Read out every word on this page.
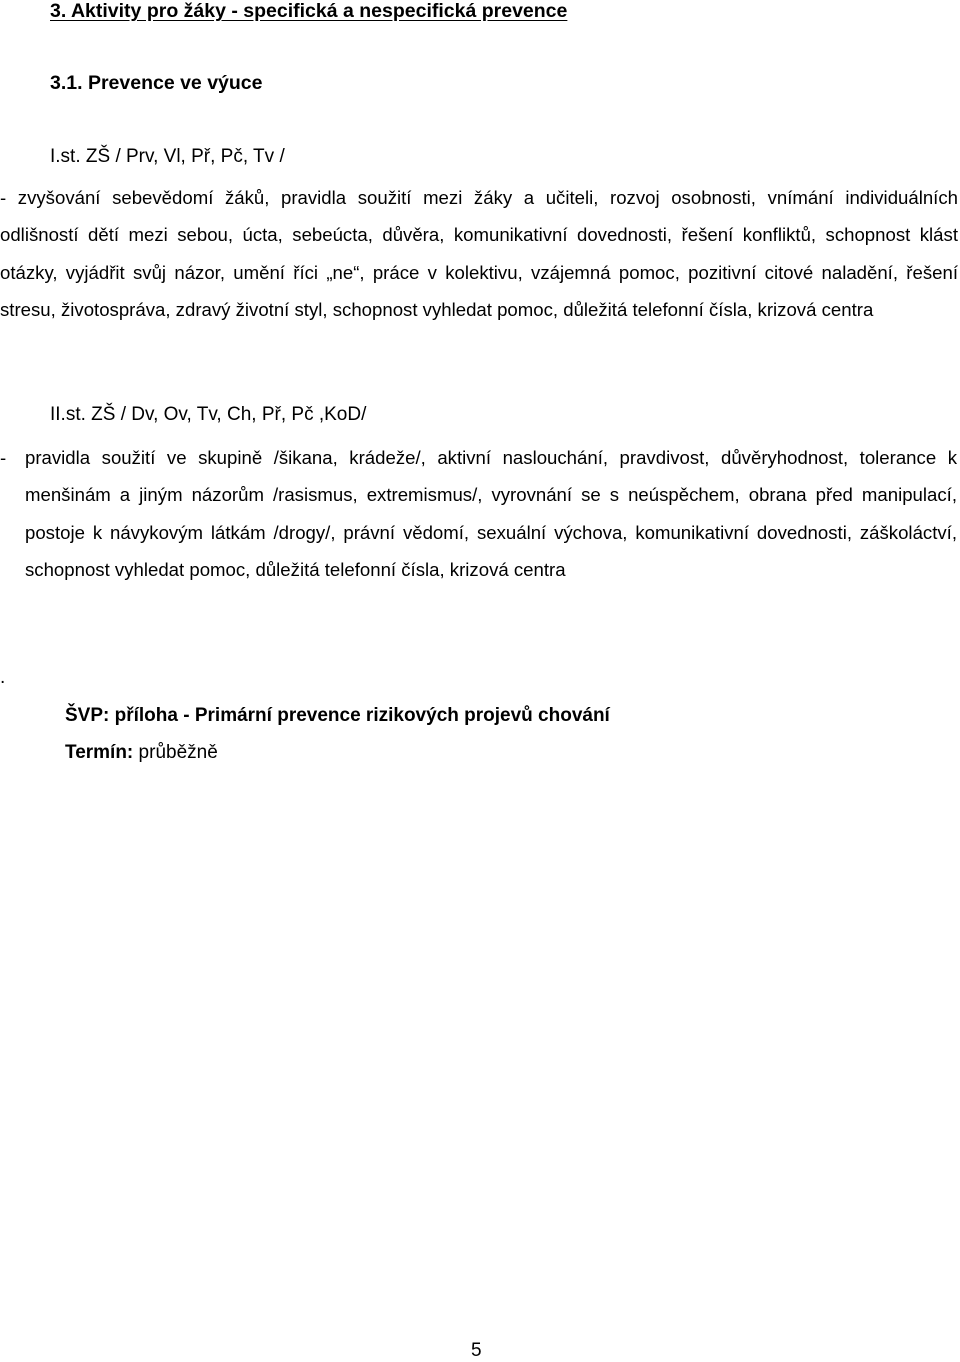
3. Aktivity pro žáky - specifická a nespecifická prevence
3.1. Prevence ve výuce
I.st. ZŠ / Prv, Vl, Př, Pč, Tv /
- zvyšování sebevědomí žáků, pravidla soužití mezi žáky a učiteli, rozvoj osobnosti, vnímání individuálních odlišností dětí mezi sebou, úcta, sebeúcta, důvěra, komunikativní dovednosti, řešení konfliktů, schopnost klást otázky, vyjádřit svůj názor, umění říci „ne“, práce v kolektivu, vzájemná pomoc, pozitivní citové naladění, řešení stresu, životospráva, zdravý životní styl, schopnost vyhledat pomoc, důležitá telefonní čísla, krizová centra
II.st. ZŠ / Dv, Ov, Tv, Ch, Př, Pč ,KoD/
- pravidla soužití ve skupině /šikana, krádeže/, aktivní naslouchání, pravdivost, důvěryhodnost, tolerance k menšinám a jiným názorům /rasismus, extremismus/, vyrovnání se s neúspěchem, obrana před manipulací, postoje k návykovým látkám /drogy/, právní vědomí, sexuální výchova, komunikativní dovednosti, záškoláctví, schopnost vyhledat pomoc, důležitá telefonní čísla, krizová centra
.
ŠVP: příloha - Primární prevence rizikových projevů chování
Termín: průběžně
5
